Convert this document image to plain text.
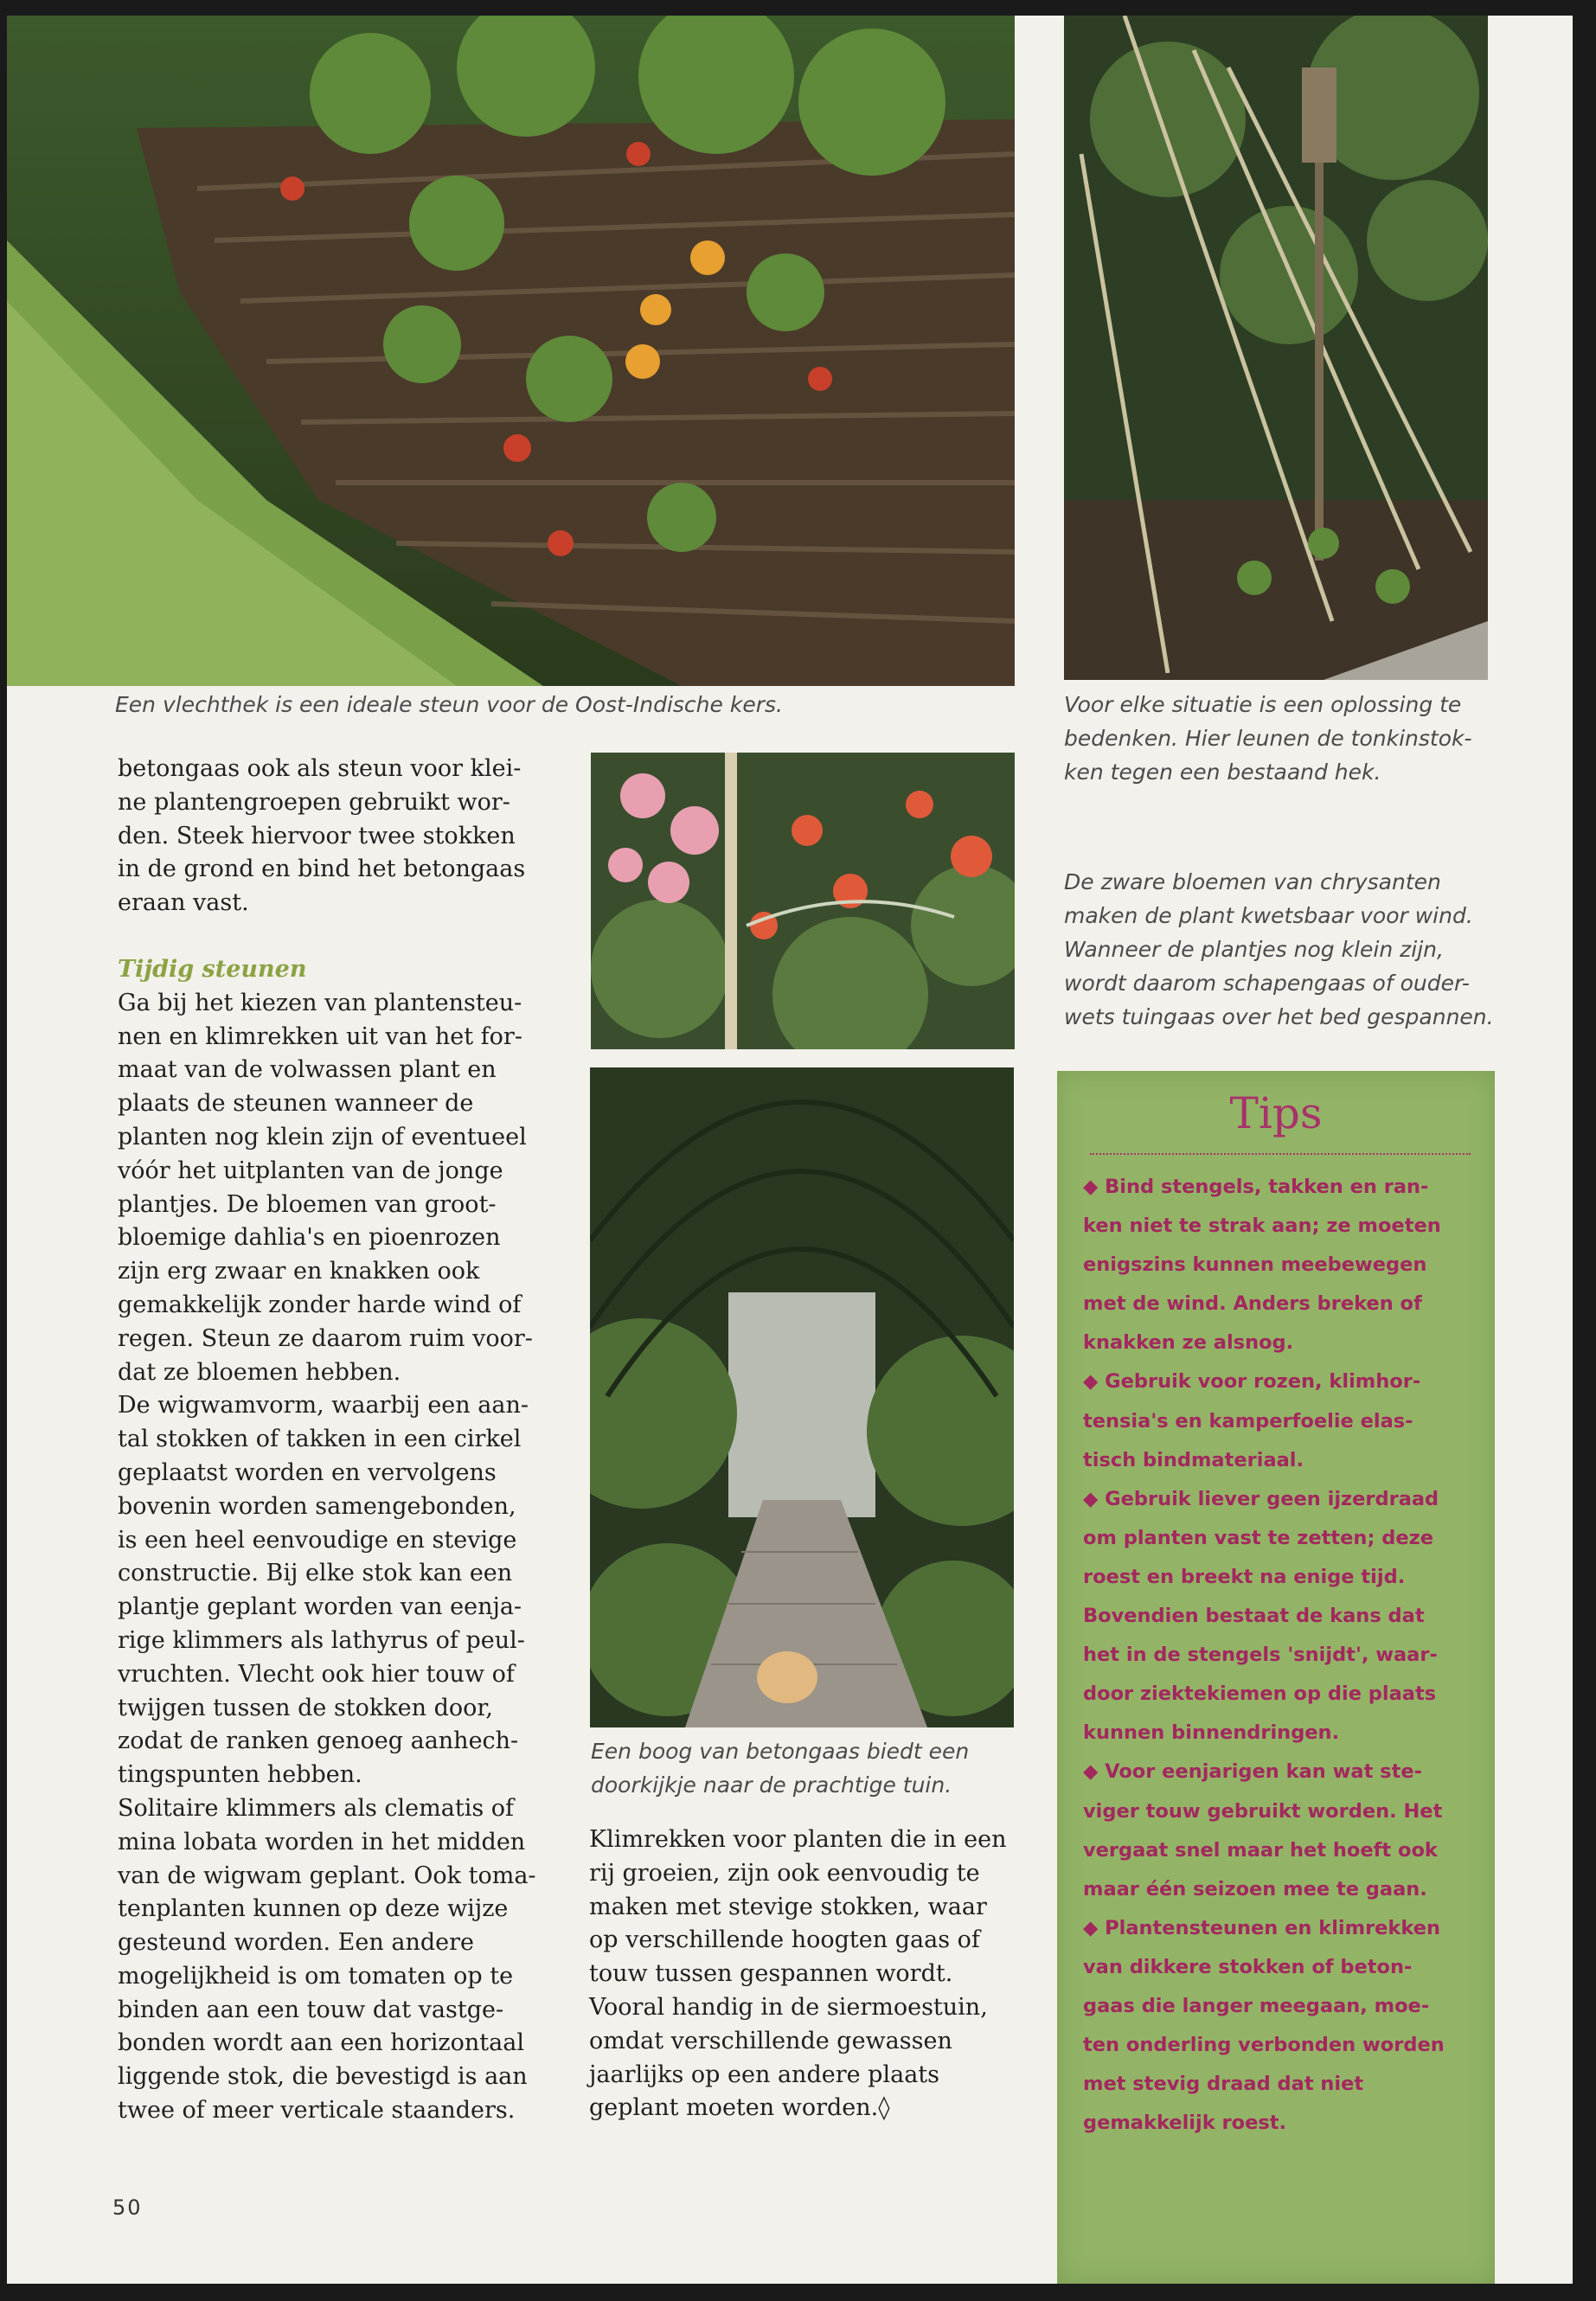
Een vlechthek is een ideale steun voor de Oost-Indische kers.	Voor elke situatie is een oplossing te
bedenken. Hier leunen de tonkinstok-
ken tegen een bestaand hek.
De zware bloemen van chrysanten
maken de plant kwetsbaar voor wind.
Wanneer de plantjes nog klein zijn,
wordt daarom schapengaas of ouder-
wets tuingaas over het bed gespannen.
Een boog van betongaas biedt een
doorkijkje naar de prachtige tuin.
betongaas ook als steun voor klei-
ne plantengroepen gebruikt wor-
den. Steek hiervoor twee stokken
in de grond en bind het betongaas
eraan vast.
Tijdig steunen
Ga bij het kiezen van plantensteu-
nen en klimrekken uit van het for-
maat van de volwassen plant en
plaats de steunen wanneer de
planten nog klein zijn of eventueel
vóór het uitplanten van de jonge
plantjes. De bloemen van groot-
bloemige dahlia's en pioenrozen
zijn erg zwaar en knakken ook
gemakkelijk zonder harde wind of
regen. Steun ze daarom ruim voor-
dat ze bloemen hebben.
De wigwamvorm, waarbij een aan-
tal stokken of takken in een cirkel
geplaatst worden en vervolgens
bovenin worden samengebonden,
is een heel eenvoudige en stevige
constructie. Bij elke stok kan een
plantje geplant worden van eenja-
rige klimmers als lathyrus of peul-
vruchten. Vlecht ook hier touw of
twijgen tussen de stokken door,
zodat de ranken genoeg aanhech-
tingspunten hebben.
Solitaire klimmers als clematis of
mina lobata worden in het midden
van de wigwam geplant. Ook toma-
tenplanten kunnen op deze wijze
gesteund worden. Een andere
mogelijkheid is om tomaten op te
binden aan een touw dat vastge-
bonden wordt aan een horizontaal
liggende stok, die bevestigd is aan
twee of meer verticale staanders.
Klimrekken voor planten die in een
rij groeien, zijn ook eenvoudig te
maken met stevige stokken, waar
op verschillende hoogten gaas of
touw tussen gespannen wordt.
Vooral handig in de siermoestuin,
omdat verschillende gewassen
jaarlijks op een andere plaats
geplant moeten worden.◊
Tips
◆ Bind stengels, takken en ran-
ken niet te strak aan; ze moeten
enigszins kunnen meebewegen
met de wind. Anders breken of
knakken ze alsnog.
◆ Gebruik voor rozen, klimhor-
tensia's en kamperfoelie elas-
tisch bindmateriaal.
◆ Gebruik liever geen ijzerdraad
om planten vast te zetten; deze
roest en breekt na enige tijd.
Bovendien bestaat de kans dat
het in de stengels 'snijdt', waar-
door ziektekiemen op die plaats
kunnen binnendringen.
◆ Voor eenjarigen kan wat ste-
viger touw gebruikt worden. Het
vergaat snel maar het hoeft ook
maar één seizoen mee te gaan.
◆ Plantensteunen en klimrekken
van dikkere stokken of beton-
gaas die langer meegaan, moe-
ten onderling verbonden worden
met stevig draad dat niet
gemakkelijk roest.
50
